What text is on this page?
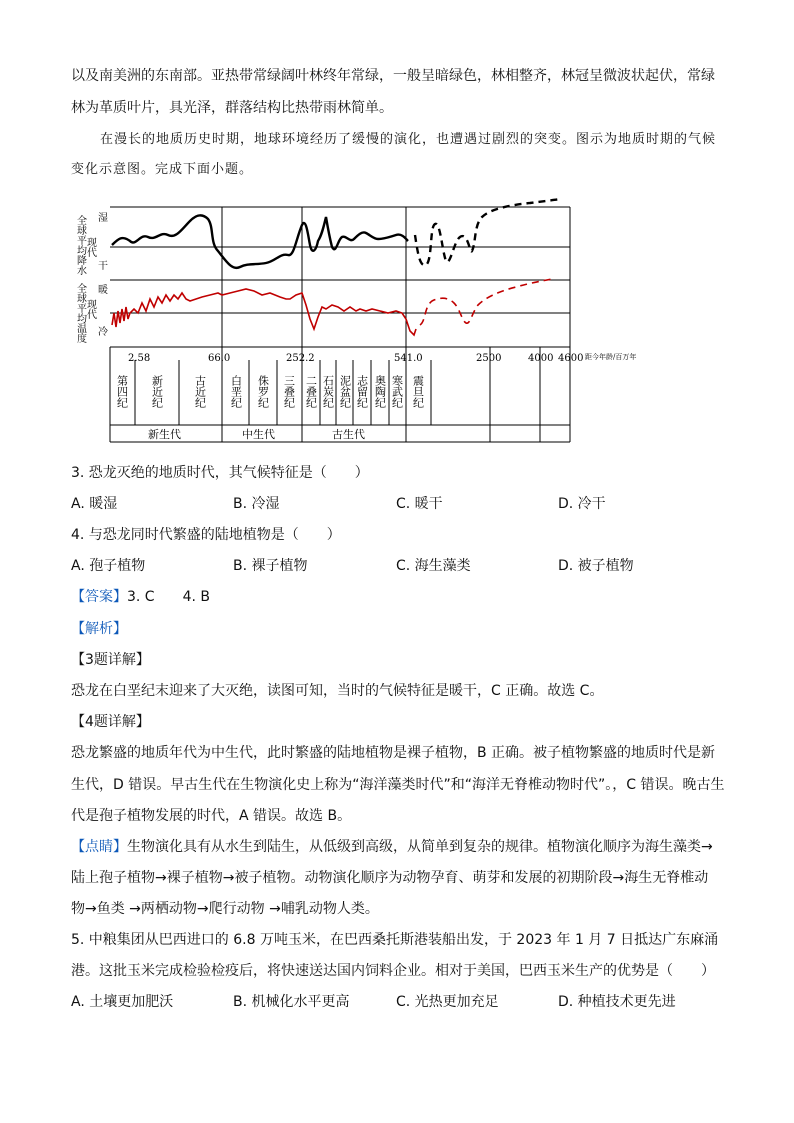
以及南美洲的东南部。亚热带常绿阔叶林终年常绿，一般呈暗绿色，林相整齐，林冠呈微波状起伏，常绿
林为革质叶片，具光泽，群落结构比热带雨林简单。
在漫长的地质历史时期，地球环境经历了缓慢的演化，也遭遇过剧烈的突变。图示为地质时期的气候
变化示意图。完成下面小题。
全球平均降水
全球平均温度
湿
现代
干
暖
现代
冷
2.58	66.0	252.2	541.0	2500	4000 4600 距今年龄/百万年
第四纪 新近纪	古近纪 白垩纪 侏罗纪 三叠纪 二叠纪 石炭纪 泥盆纪 志留纪 奥陶纪 寒武纪 震旦纪
新生代	中生代	古生代
3. 恐龙灭绝的地质时代，其气候特征是（　　）
A. 暖湿	B. 冷湿	C. 暖干	D. 冷干
4. 与恐龙同时代繁盛的陆地植物是（　　）
A. 孢子植物	B. 裸子植物	C. 海生藻类	D. 被子植物
【答案】3. C　　4. B
【解析】
【3题详解】
恐龙在白垩纪末迎来了大灭绝，读图可知，当时的气候特征是暖干，C 正确。故选 C。
【4题详解】
恐龙繁盛的地质年代为中生代，此时繁盛的陆地植物是裸子植物，B 正确。被子植物繁盛的地质时代是新
生代，D 错误。早古生代在生物演化史上称为“海洋藻类时代”和“海洋无脊椎动物时代”。，C 错误。晚古生
代是孢子植物发展的时代，A 错误。故选 B。
【点睛】生物演化具有从水生到陆生，从低级到高级，从简单到复杂的规律。植物演化顺序为海生藻类→
陆上孢子植物→裸子植物→被子植物。动物演化顺序为动物孕育、萌芽和发展的初期阶段→海生无脊椎动
物→鱼类 →两栖动物→爬行动物 →哺乳动物人类。
5. 中粮集团从巴西进口的 6.8 万吨玉米，在巴西桑托斯港装船出发，于 2023 年 1 月 7 日抵达广东麻涌
港。这批玉米完成检验检疫后，将快速送达国内饲料企业。相对于美国，巴西玉米生产的优势是（　　）
A. 土壤更加肥沃	B. 机械化水平更高	C. 光热更加充足	D. 种植技术更先进
